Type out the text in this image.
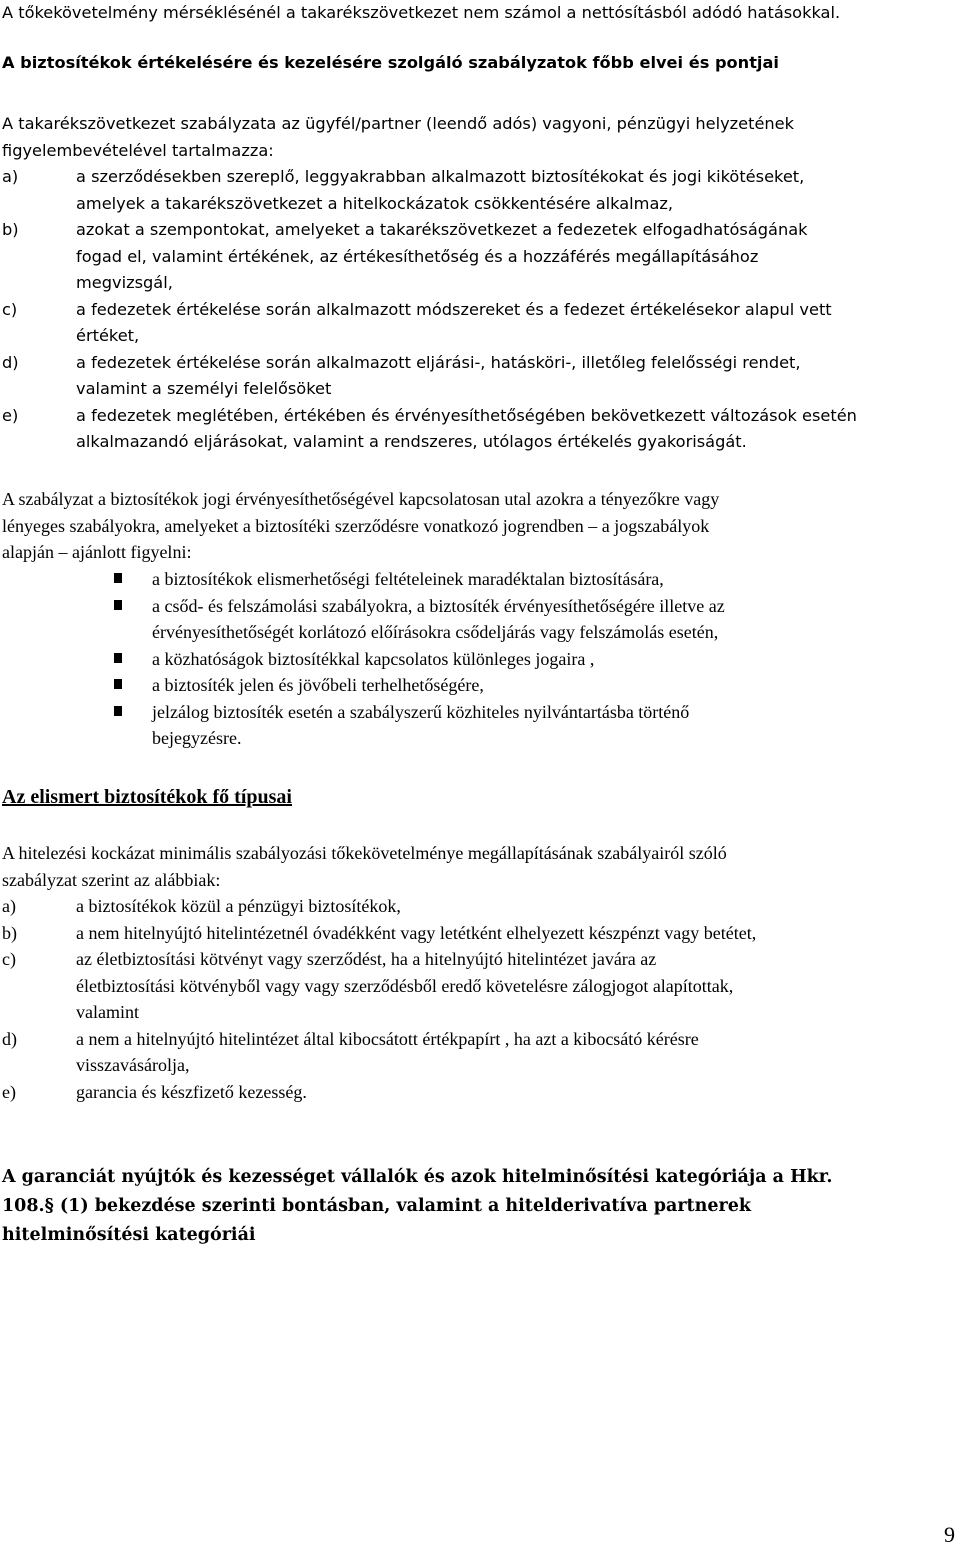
A tőkekövetelmény mérséklésénél a takarékszövetkezet nem számol a nettósításból adódó hatásokkal.
A biztosítékok értékelésére és kezelésére szolgáló szabályzatok főbb elvei és pontjai
A takarékszövetkezet szabályzata az ügyfél/partner (leendő adós) vagyoni, pénzügyi helyzetének
figyelembevételével tartalmazza:
a)	a szerződésekben szereplő, leggyakrabban alkalmazott biztosítékokat és jogi kikötéseket,
amelyek a takarékszövetkezet a hitelkockázatok csökkentésére alkalmaz,
b)	azokat a szempontokat, amelyeket a takarékszövetkezet a fedezetek elfogadhatóságának
fogad el, valamint értékének, az értékesíthetőség és a hozzáférés megállapításához
megvizsgál,
c)	a fedezetek értékelése során alkalmazott módszereket és a fedezet értékelésekor alapul vett
értéket,
d)	a fedezetek értékelése során alkalmazott eljárási-, hatásköri-, illetőleg felelősségi rendet,
valamint a személyi felelősöket
e)	a fedezetek meglétében, értékében és érvényesíthetőségében bekövetkezett változások esetén
alkalmazandó eljárásokat, valamint a rendszeres, utólagos értékelés gyakoriságát.
A szabályzat a biztosítékok jogi érvényesíthetőségével kapcsolatosan utal azokra a tényezőkre vagy
lényeges szabályokra, amelyeket a biztosítéki szerződésre vonatkozó jogrendben – a jogszabályok
alapján – ajánlott figyelni:
a biztosítékok elismerhetőségi feltételeinek maradéktalan biztosítására,
a csőd- és felszámolási szabályokra, a biztosíték érvényesíthetőségére illetve az
érvényesíthetőségét korlátozó előírásokra csődeljárás vagy felszámolás esetén,
a közhatóságok biztosítékkal kapcsolatos különleges jogaira ,
a biztosíték jelen és jövőbeli terhelhetőségére,
jelzálog biztosíték esetén a szabályszerű közhiteles nyilvántartásba történő
bejegyzésre.
Az elismert biztosítékok fő típusai
A hitelezési kockázat minimális szabályozási tőkekövetelménye megállapításának szabályairól szóló
szabályzat szerint az alábbiak:
a)	a biztosítékok közül a pénzügyi biztosítékok,
b)	a nem hitelnyújtó hitelintézetnél óvadékként vagy letétként elhelyezett készpénzt vagy betétet,
c)	az életbiztosítási kötvényt vagy szerződést, ha a hitelnyújtó hitelintézet javára az
életbiztosítási kötvényből vagy vagy szerződésből eredő követelésre zálogjogot alapítottak,
valamint
d)	a nem a hitelnyújtó hitelintézet által kibocsátott értékpapírt , ha azt a kibocsátó kérésre
visszavásárolja,
e)	garancia és készfizető kezesség.
A garanciát nyújtók és kezességet vállalók és azok hitelminősítési kategóriája a Hkr.
108.§ (1) bekezdése szerinti bontásban, valamint a hitelderivatíva partnerek
hitelminősítési kategóriái
9
